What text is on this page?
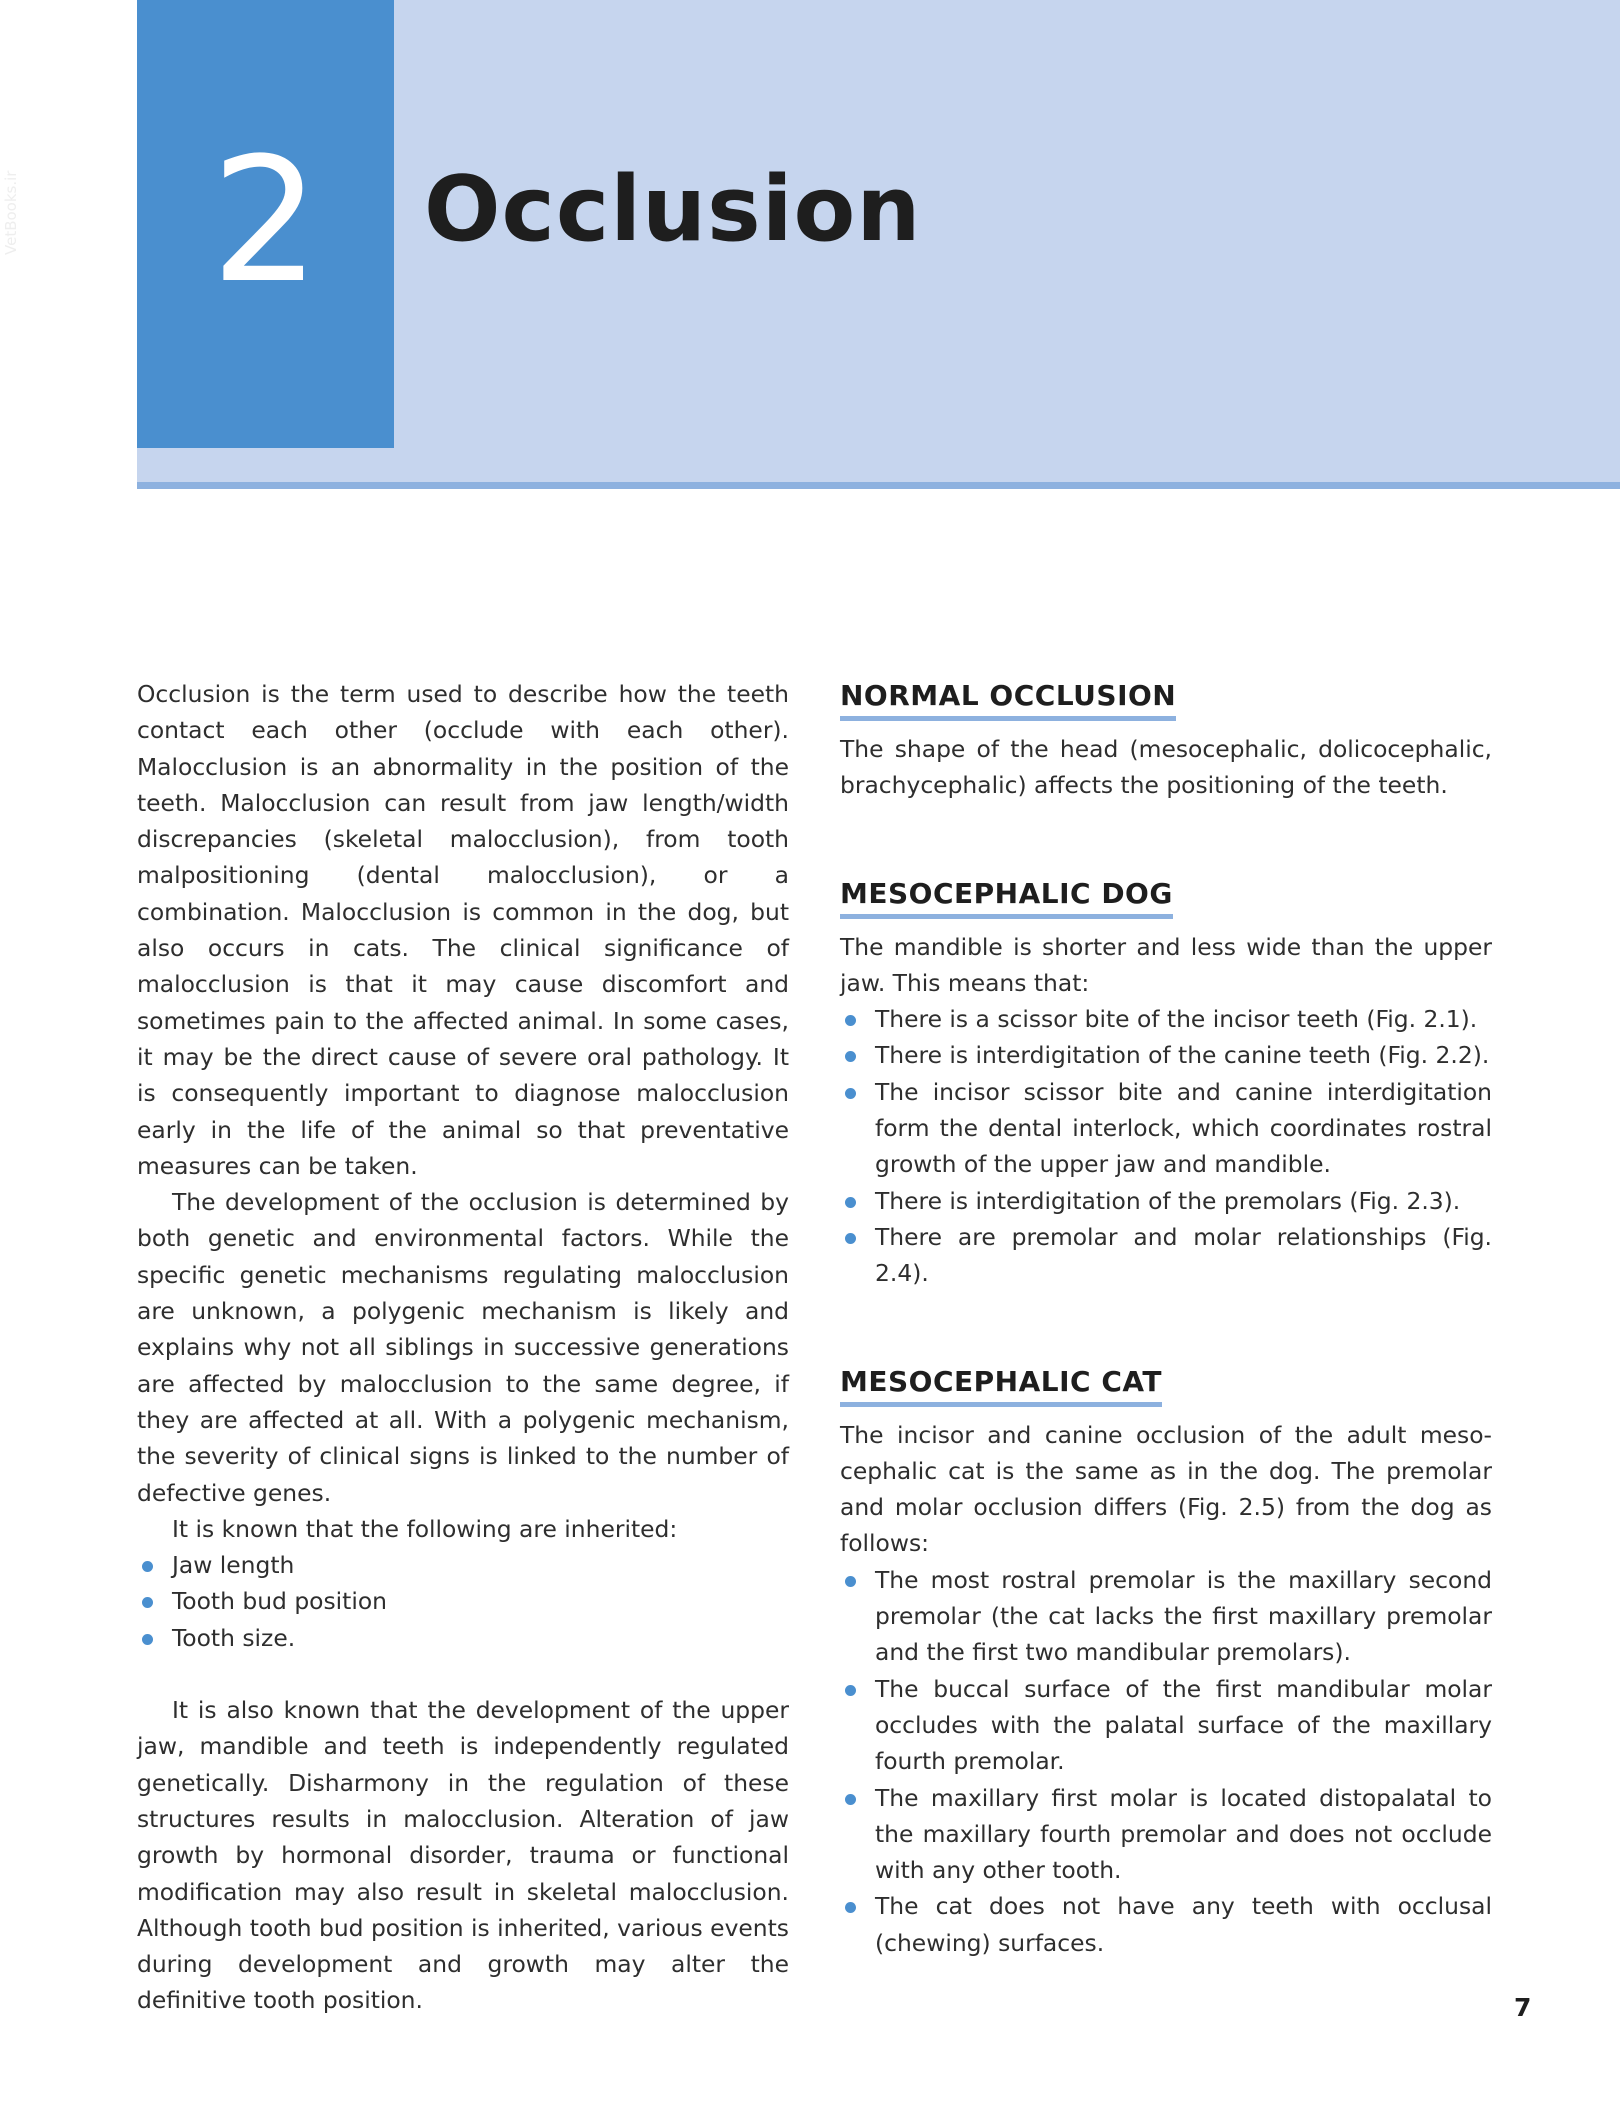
2	Occlusion
VetBooks.ir

Occlusion is the term used to describe how the teeth contact each other (occlude with each other). Malocclusion is an abnormality in the position of the teeth. Malocclusion can result from jaw length/width discrepancies (skeletal malocclusion), from tooth malpositioning (dental malocclusion), or a combination. Malocclusion is common in the dog, but also occurs in cats. The clinical significance of malocclusion is that it may cause discomfort and sometimes pain to the affected animal. In some cases, it may be the direct cause of severe oral pathology. It is consequently important to diagnose malocclusion early in the life of the animal so that preventative measures can be taken.

The development of the occlusion is determined by both genetic and environmental factors. While the specific genetic mechanisms regulating malocclusion are unknown, a polygenic mechanism is likely and explains why not all siblings in successive generations are affected by malocclusion to the same degree, if they are affected at all. With a polygenic mechanism, the severity of clinical signs is linked to the number of defective genes.

It is known that the following are inherited:

Jaw length
Tooth bud position
Tooth size.

It is also known that the development of the upper jaw, mandible and teeth is independently regulated genetically. Disharmony in the regulation of these structures results in malocclusion. Alteration of jaw growth by hormonal disorder, trauma or functional modification may also result in skeletal malocclusion. Although tooth bud position is inherited, various events during development and growth may alter the definitive tooth position.

NORMAL OCCLUSION

The shape of the head (mesocephalic, dolicocephalic, brachycephalic) affects the positioning of the teeth.

MESOCEPHALIC DOG

The mandible is shorter and less wide than the upper jaw. This means that:

There is a scissor bite of the incisor teeth (Fig. 2.1).
There is interdigitation of the canine teeth (Fig. 2.2).
The incisor scissor bite and canine interdigitation form the dental interlock, which coordinates rostral growth of the upper jaw and mandible.
There is interdigitation of the premolars (Fig. 2.3).
There are premolar and molar relationships (Fig. 2.4).
MESOCEPHALIC CAT

The incisor and canine occlusion of the adult mesocephalic cat is the same as in the dog. The premolar and molar occlusion differs (Fig. 2.5) from the dog as follows:

The most rostral premolar is the maxillary second premolar (the cat lacks the first maxillary premolar and the first two mandibular premolars).
The buccal surface of the first mandibular molar occludes with the palatal surface of the maxillary fourth premolar.
The maxillary first molar is located distopalatal to the maxillary fourth premolar and does not occlude with any other tooth.
The cat does not have any teeth with occlusal (chewing) surfaces.
7
